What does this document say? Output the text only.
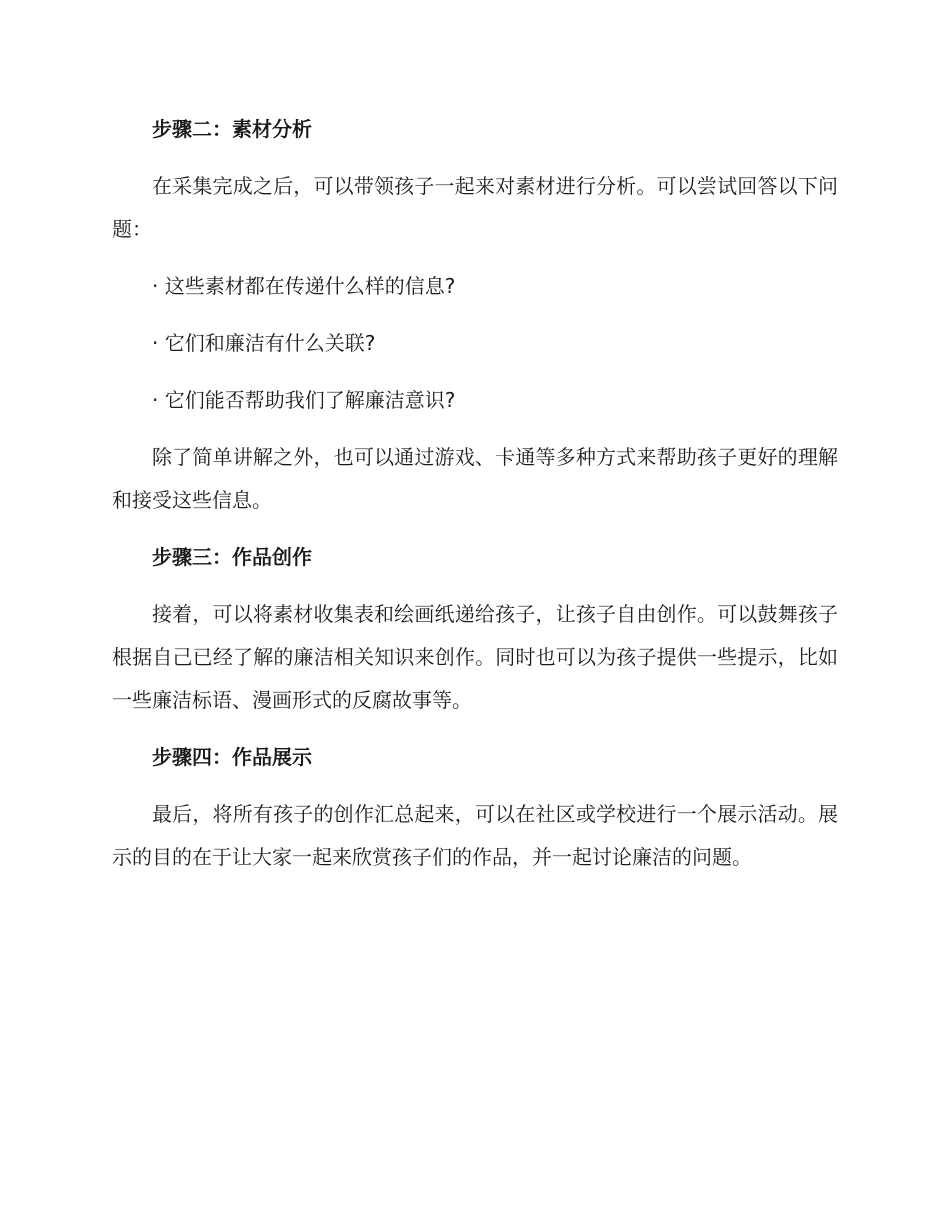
步骤二：素材分析
在采集完成之后，可以带领孩子一起来对素材进行分析。可以尝试回答以下问题：
· 这些素材都在传递什么样的信息?
· 它们和廉洁有什么关联?
· 它们能否帮助我们了解廉洁意识?
除了简单讲解之外，也可以通过游戏、卡通等多种方式来帮助孩子更好的理解和接受这些信息。
步骤三：作品创作
接着，可以将素材收集表和绘画纸递给孩子，让孩子自由创作。可以鼓舞孩子根据自己已经了解的廉洁相关知识来创作。同时也可以为孩子提供一些提示，比如一些廉洁标语、漫画形式的反腐故事等。
步骤四：作品展示
最后，将所有孩子的创作汇总起来，可以在社区或学校进行一个展示活动。展示的目的在于让大家一起来欣赏孩子们的作品，并一起讨论廉洁的问题。
